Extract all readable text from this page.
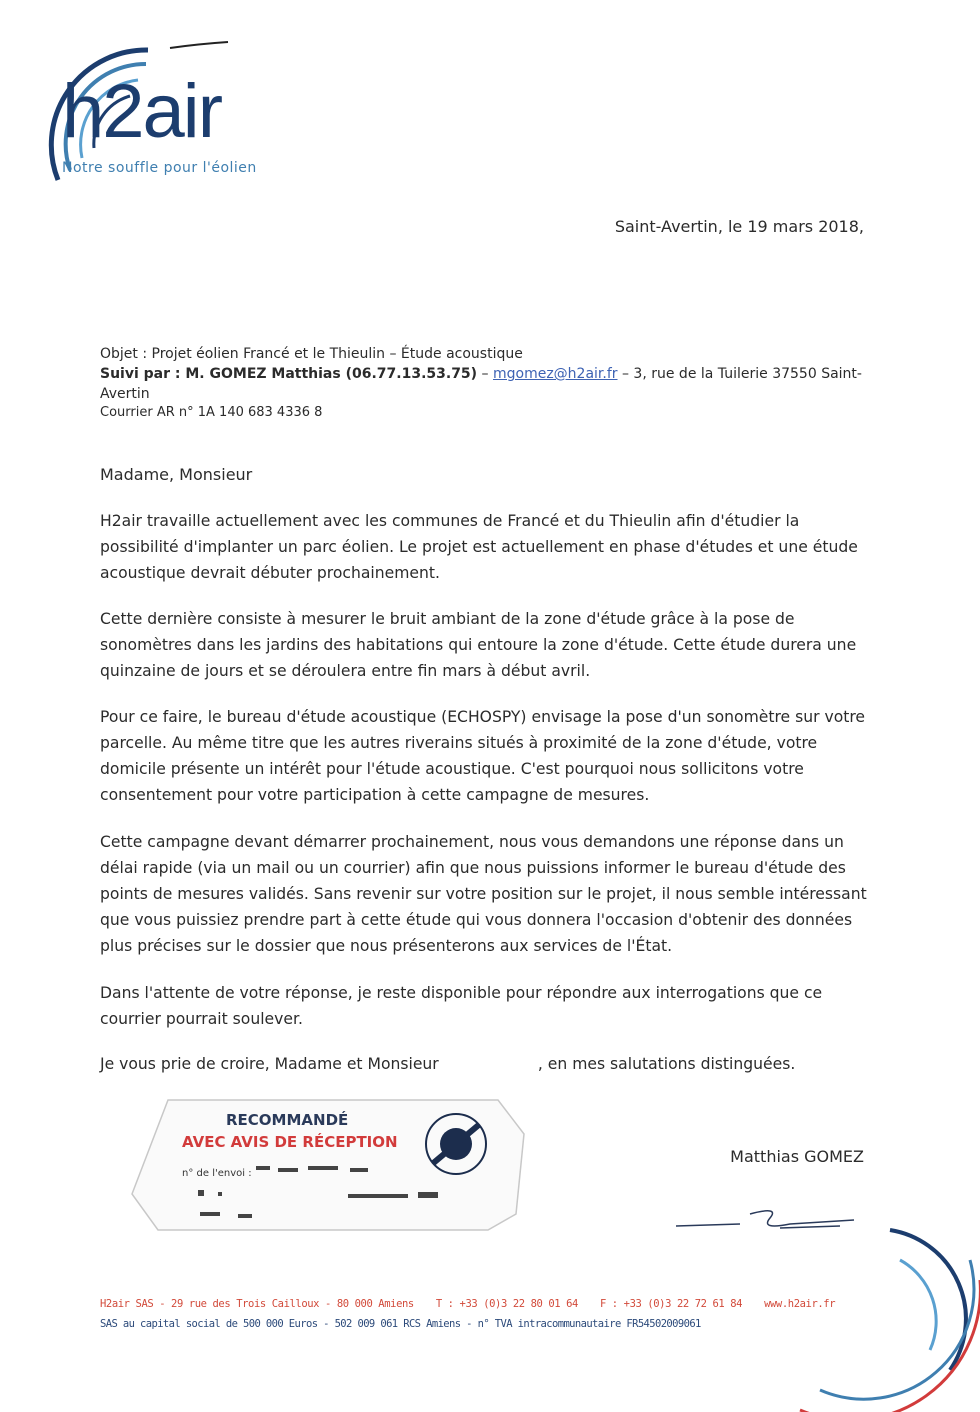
h2air
Notre souffle pour l'éolien
Saint-Avertin, le 19 mars 2018,
Objet : Projet éolien Francé et le Thieulin – Étude acoustique
Suivi par : M. GOMEZ Matthias (06.77.13.53.75) – mgomez@h2air.fr – 3, rue de la Tuilerie 37550 Saint-Avertin
Courrier AR n° 1A 140 683 4336 8
Madame, Monsieur
H2air travaille actuellement avec les communes de Francé et du Thieulin afin d'étudier la possibilité d'implanter un parc éolien. Le projet est actuellement en phase d'études et une étude acoustique devrait débuter prochainement.
Cette dernière consiste à mesurer le bruit ambiant de la zone d'étude grâce à la pose de sonomètres dans les jardins des habitations qui entoure la zone d'étude. Cette étude durera une quinzaine de jours et se déroulera entre fin mars à début avril.
Pour ce faire, le bureau d'étude acoustique (ECHOSPY) envisage la pose d'un sonomètre sur votre parcelle. Au même titre que les autres riverains situés à proximité de la zone d'étude, votre domicile présente un intérêt pour l'étude acoustique. C'est pourquoi nous sollicitons votre consentement pour votre participation à cette campagne de mesures.
Cette campagne devant démarrer prochainement, nous vous demandons une réponse dans un délai rapide (via un mail ou un courrier) afin que nous puissions informer le bureau d'étude des points de mesures validés. Sans revenir sur votre position sur le projet, il nous semble intéressant que vous puissiez prendre part à cette étude qui vous donnera l'occasion d'obtenir des données plus précises sur le dossier que nous présenterons aux services de l'État.
Dans l'attente de votre réponse, je reste disponible pour répondre aux interrogations que ce courrier pourrait soulever.
Je vous prie de croire, Madame et Monsieur                    , en mes salutations distinguées.
RECOMMANDÉ
AVEC AVIS DE RÉCEPTION
n° de l'envoi :
Matthias GOMEZ
H2air SAS - 29 rue des Trois Cailloux - 80 000 Amiens T : +33 (0)3 22 80 01 64 F : +33 (0)3 22 72 61 84 www.h2air.fr
SAS au capital social de 500 000 Euros - 502 009 061 RCS Amiens - n° TVA intracommunautaire FR54502009061
